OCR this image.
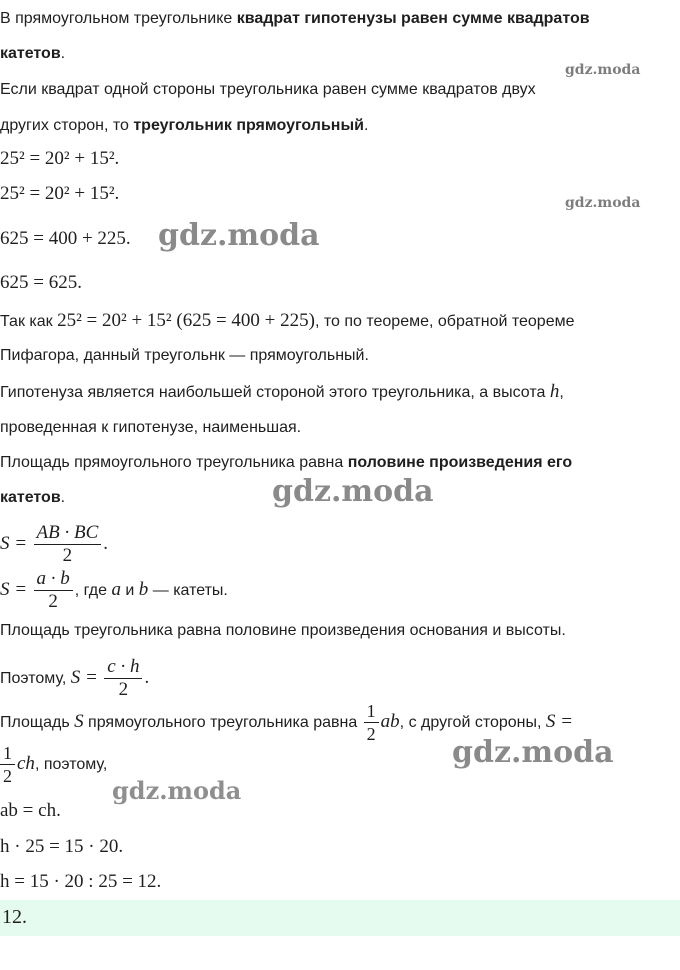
В прямоугольном треугольнике квадрат гипотенузы равен сумме квадратов
катетов.
Если квадрат одной стороны треугольника равен сумме квадратов двух
других сторон, то треугольник прямоугольный.
25² = 20² + 15².
25² = 20² + 15².
625 = 400 + 225.
625 = 625.
Так как 25² = 20² + 15² (625 = 400 + 225), то по теореме, обратной теореме
Пифагора, данный треугольнк — прямоугольный.
Гипотенуза является наибольшей стороной этого треугольника, а высота h,
проведенная к гипотенузе, наименьшая.
Площадь прямоугольного треугольника равна половине произведения его
катетов.
$S = \frac{AB \cdot BC}{2}$ .
$S = \frac{a \cdot b}{2}$ , где a и b — катеты.
Площадь треугольника равна половине произведения основания и высоты.
Поэтому, $S = \frac{c \cdot h}{2}$ .
Площадь S прямоугольного треугольника равна $\frac{1}{2}$ ab, с другой стороны, S =
$\frac{1}{2}$ ch, поэтому,
ab = ch.
h · 25 = 15 · 20.
h = 15 · 20 : 25 = 12.
12.
gdz.moda
gdz.moda
gdz.moda
gdz.moda
gdz.moda
gdz.moda
